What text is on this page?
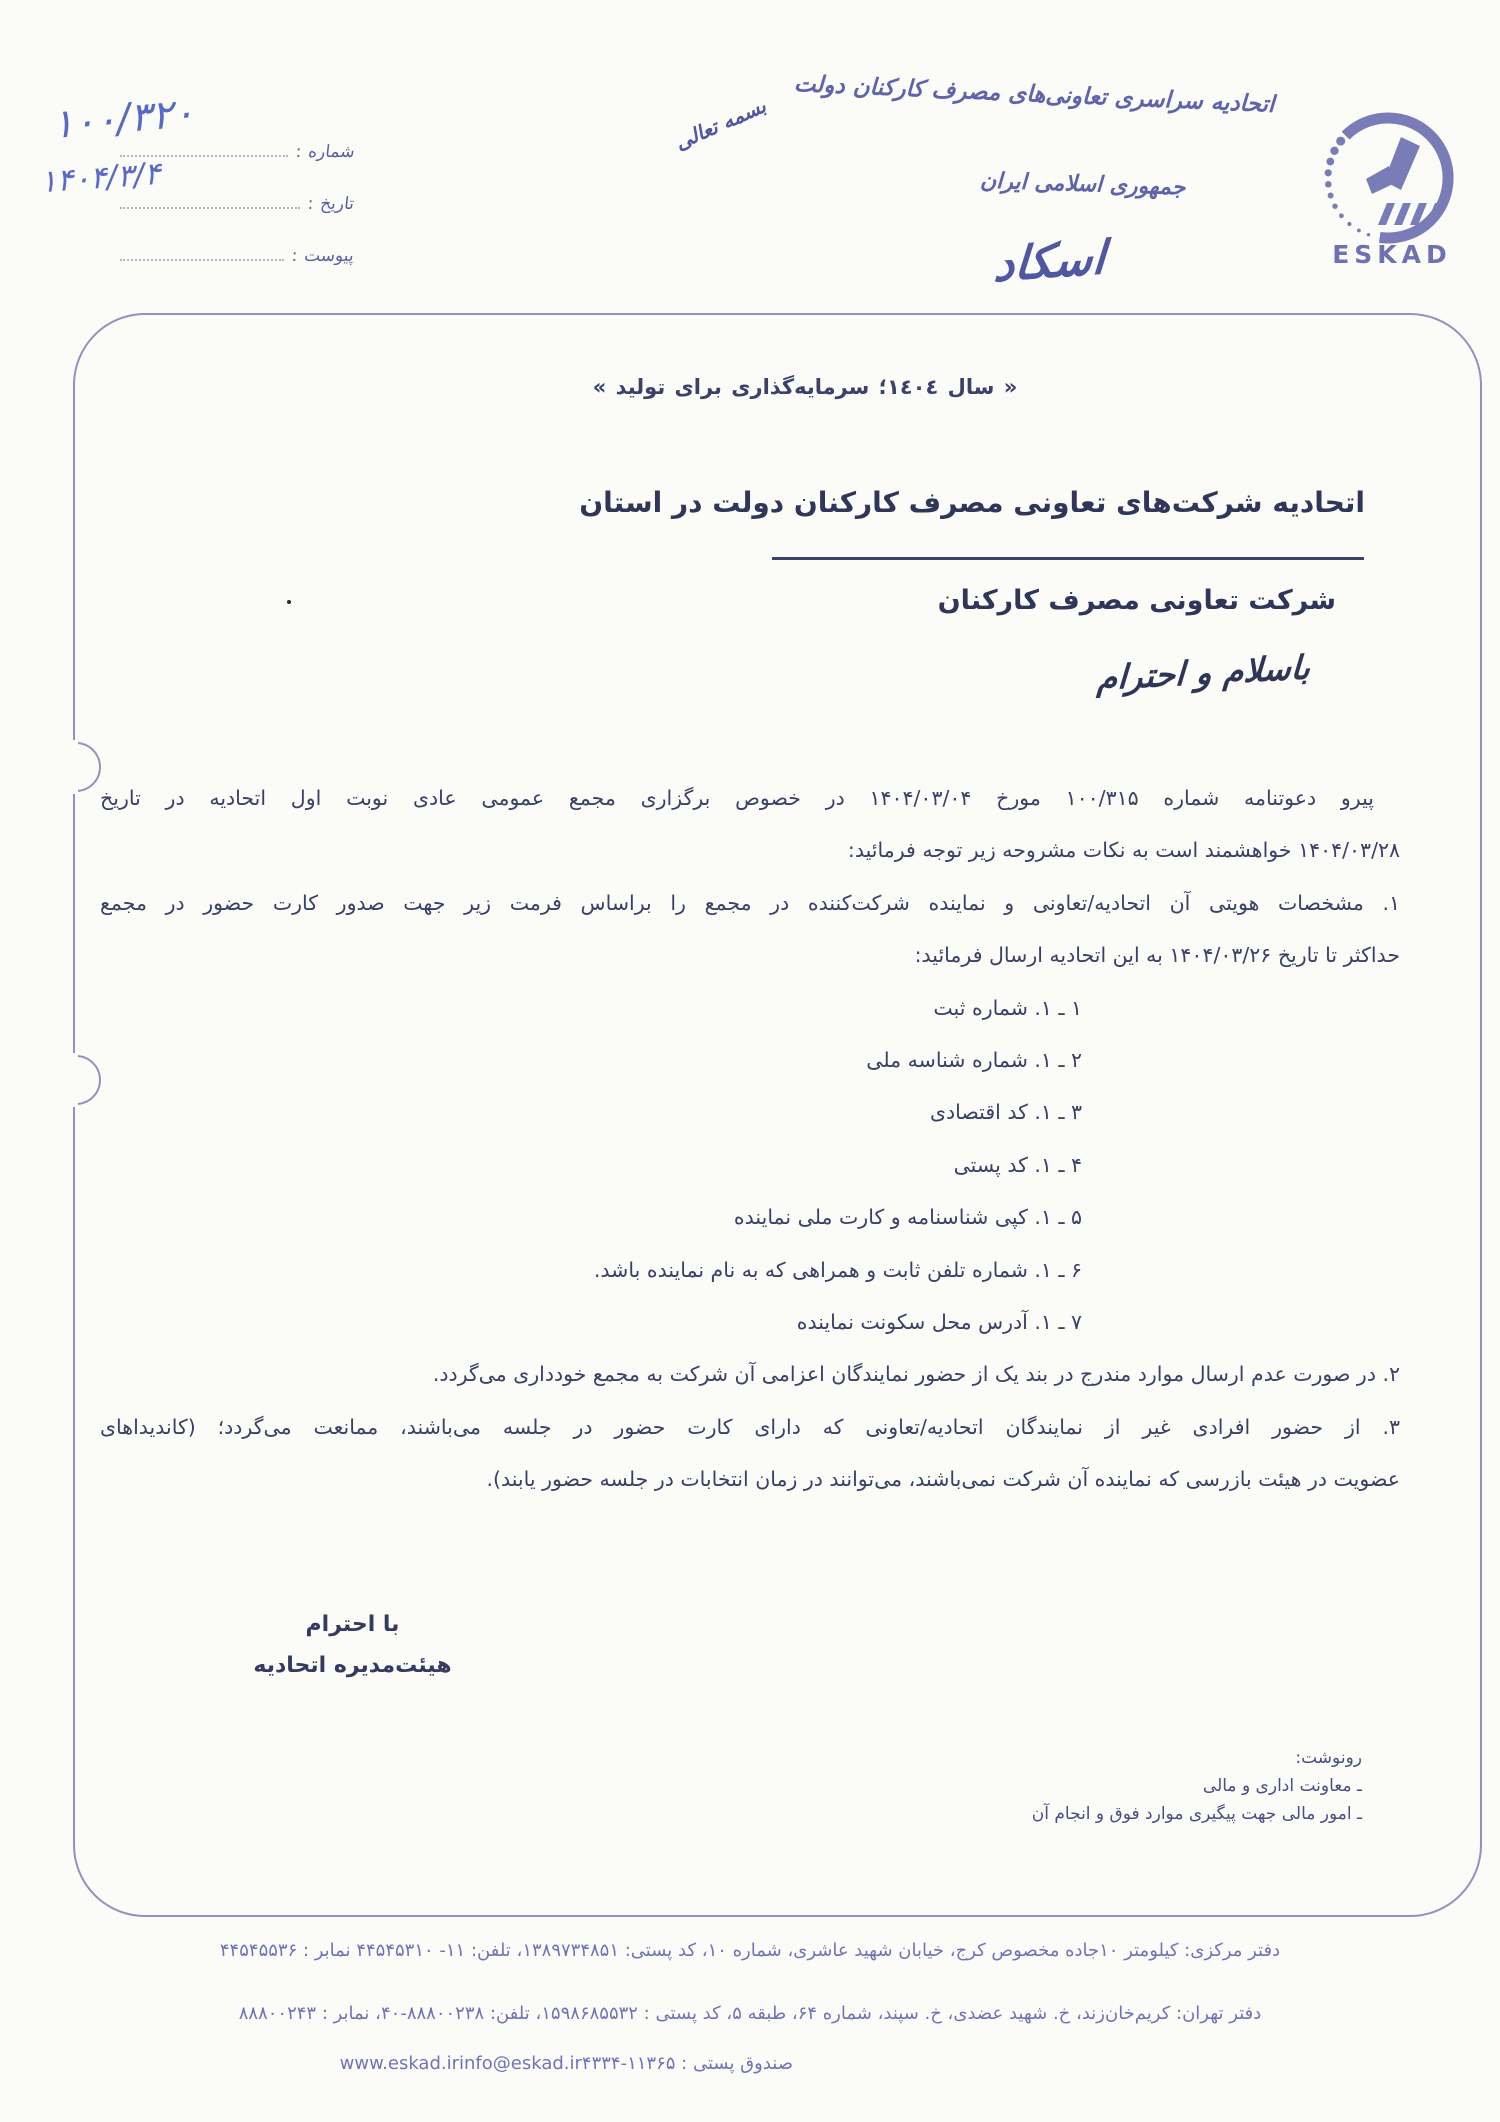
شماره :
تاریخ :
پیوست :
۱۰۰/۳۲۰
۱۴۰۴/۳/۴
بسمه تعالی اتحادیه سراسری تعاونی‌های مصرف کارکنان دولت
جمهوری اسلامی ایران
اسکاد	ESKAD
« سال ١٤٠٤؛ سرمایه‌گذاری برای تولید »
اتحادیه شرکت‌های تعاونی مصرف کارکنان دولت در استان
شرکت تعاونی مصرف کارکنان
باسلام و احترام
پیرو دعوتنامه شماره ۱۰۰/۳۱۵ مورخ ۱۴۰۴/۰۳/۰۴ در خصوص برگزاری مجمع عمومی عادی نوبت اول اتحادیه در تاریخ
۱۴۰۴/۰۳/۲۸ خواهشمند است به نکات مشروحه زیر توجه فرمائید:
۱. مشخصات هویتی آن اتحادیه/تعاونی و نماینده شرکت‌کننده در مجمع را براساس فرمت زیر جهت صدور کارت حضور در مجمع
حداکثر تا تاریخ ۱۴۰۴/۰۳/۲۶ به این اتحادیه ارسال فرمائید:
۱ ـ ۱. شماره ثبت
۲ ـ ۱. شماره شناسه ملی
۳ ـ ۱. کد اقتصادی
۴ ـ ۱. کد پستی
۵ ـ ۱. کپی شناسنامه و کارت ملی نماینده
۶ ـ ۱. شماره تلفن ثابت و همراهی که به نام نماینده باشد.
۷ ـ ۱. آدرس محل سکونت نماینده
۲. در صورت عدم ارسال موارد مندرج در بند یک از حضور نمایندگان اعزامی آن شرکت به مجمع خودداری می‌گردد.
۳. از حضور افرادی غیر از نمایندگان اتحادیه/تعاونی که دارای کارت حضور در جلسه می‌باشند، ممانعت می‌گردد؛ (کاندیداهای
عضویت در هیئت بازرسی که نماینده آن شرکت نمی‌باشند، می‌توانند در زمان انتخابات در جلسه حضور یابند).
با احترام
هیئت‌مدیره اتحادیه
رونوشت:
ـ معاونت اداری و مالی
ـ امور مالی جهت پیگیری موارد فوق و انجام آن
دفتر مرکزی: کیلومتر ۱۰جاده مخصوص کرج، خیابان شهید عاشری، شماره ۱۰، کد پستی: ۱۳۸۹۷۳۴۸۵۱، تلفن: ۱۱- ۴۴۵۴۵۳۱۰ نمابر : ۴۴۵۴۵۵۳۶
دفتر تهران: کریم‌خان‌زند، خ. شهید عضدی، خ. سپند، شماره ۶۴، طبقه ۵، کد پستی : ۱۵۹۸۶۸۵۵۳۲، تلفن: ۸۸۸۰۰۲۳۸-۴۰، نمابر : ۸۸۸۰۰۲۴۳
صندوق پستی : ۱۱۳۶۵-۴۳۳۴
info@eskad.ir
www.eskad.ir
